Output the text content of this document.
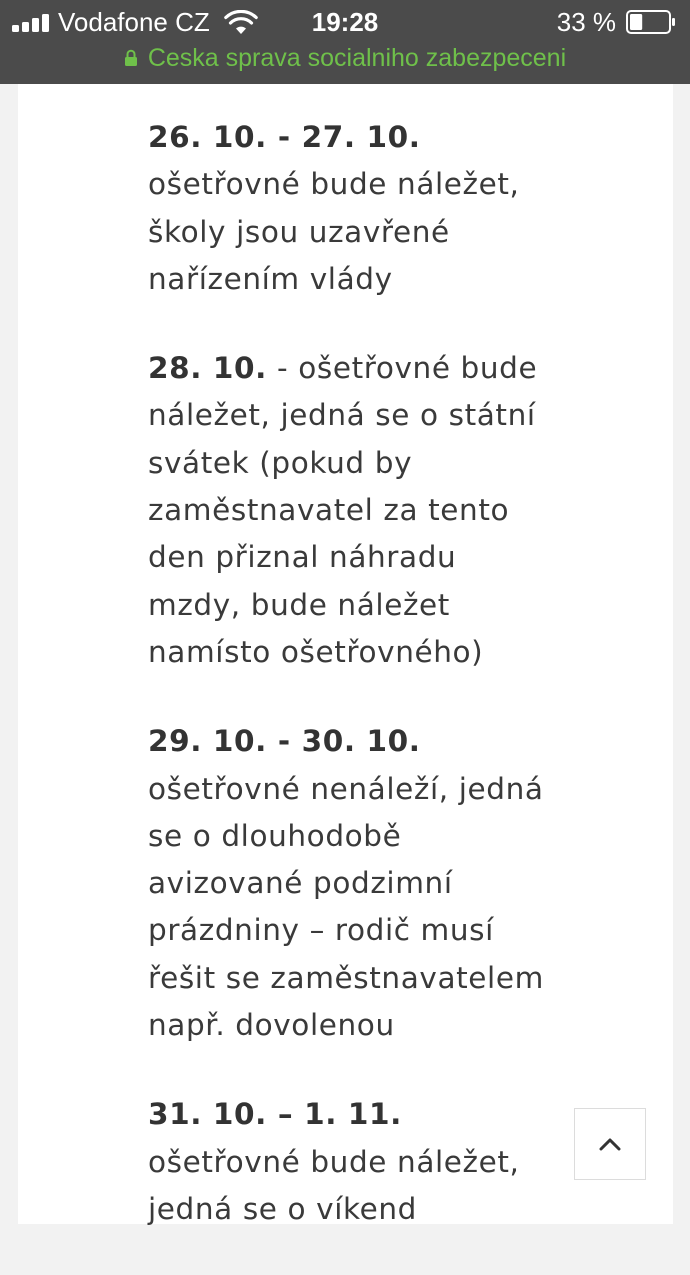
Vodafone CZ	19:28	33 %
Ceska sprava socialniho zabezpeceni

26. 10. - 27. 10. ošetřovné bude náležet, školy jsou uzavřené nařízením vlády

28. 10. - ošetřovné bude náležet, jedná se o státní svátek (pokud by zaměstnavatel za tento den přiznal náhradu mzdy, bude náležet namísto ošetřovného)

29. 10. - 30. 10. ošetřovné nenáleží, jedná se o dlouhodobě avizované podzimní prázdniny – rodič musí řešit se zaměstnavatelem např. dovolenou

31. 10. – 1. 11. ošetřovné bude náležet, jedná se o víkend
